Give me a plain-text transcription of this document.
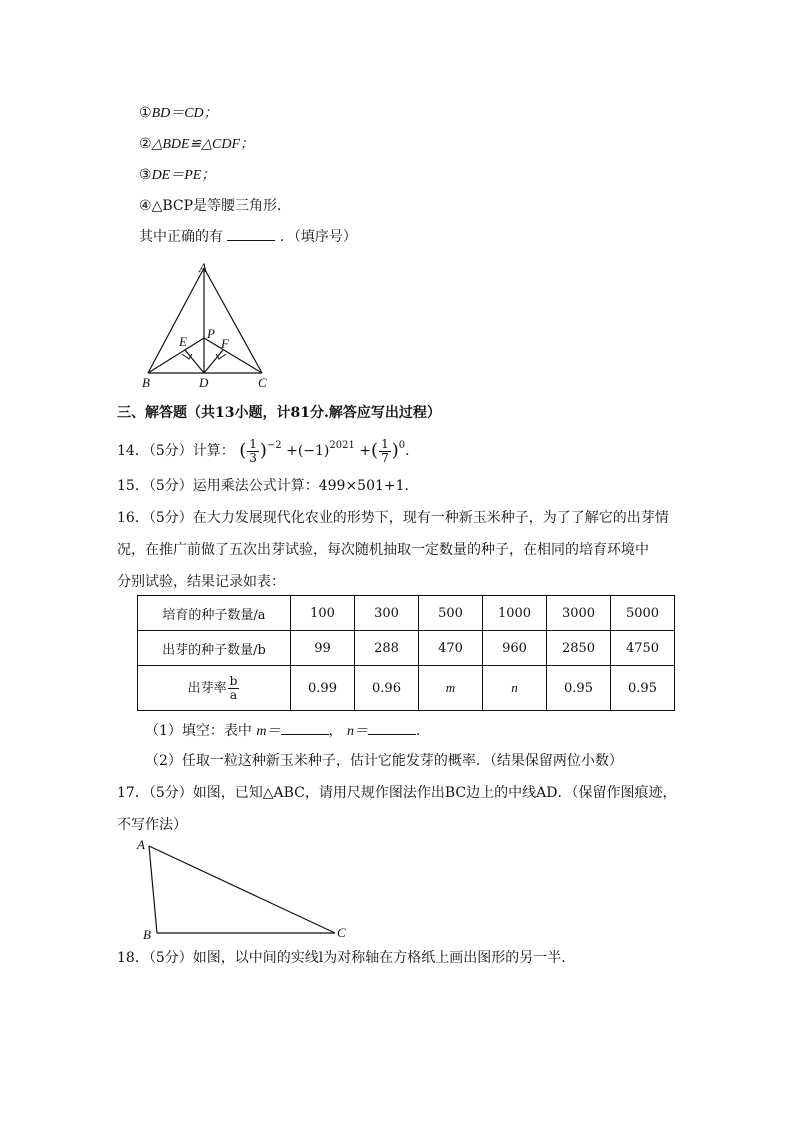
①BD＝CD；
②△BDE≌△CDF；
③DE＝PE；
④△BCP是等腰三角形．
其中正确的有	．（填序号）
A
P
E	F
B	D	C
三、解答题（共13小题，计81分.解答应写出过程）
14．（5分）计算： ( $\frac{1}{3} )^{-2} +(-1)^{2021}$ +( $\frac{1}{7} )^0$．
15．（5分）运用乘法公式计算：499×501+1．
16．（5分）在大力发展现代化农业的形势下，现有一种新玉米种子，为了了解它的出芽情
况，在推广前做了五次出芽试验，每次随机抽取一定数量的种子，在相同的培育环境中
分别试验，结果记录如表：
培育的种子数量/a	100	300	500	1000	3000	5000
出芽的种子数量/b	99	288	470	960	2850	4750
出芽率 $\frac{b}{a}$	0.99	0.96	m	n	0.95	0.95
（1）填空：表中 m＝	， n＝	．
（2）任取一粒这种新玉米种子，估计它能发芽的概率．（结果保留两位小数）
17．（5分）如图，已知△ABC，请用尺规作图法作出BC边上的中线AD．（保留作图痕迹，
不写作法）
A
B	C
18．（5分）如图，以中间的实线l为对称轴在方格纸上画出图形的另一半．
